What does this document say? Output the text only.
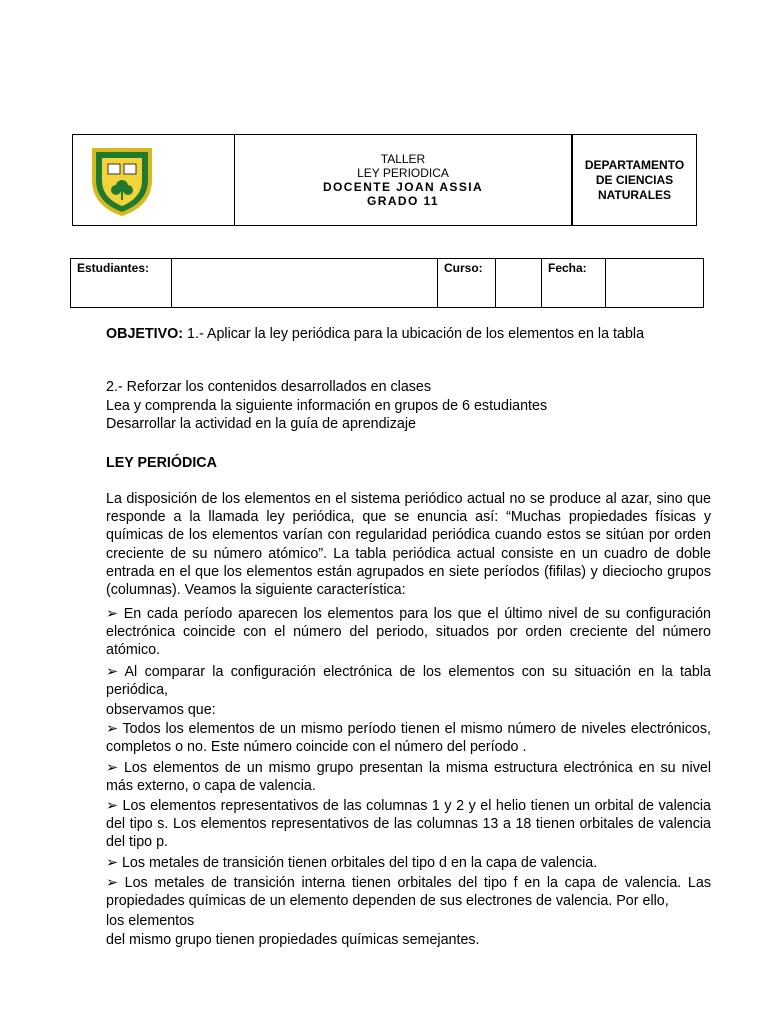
TALLER
LEY PERIODICA
DOCENTE JOAN ASSIA
GRADO 11
DEPARTAMENTO
DE CIENCIAS
NATURALES
Estudiantes:	Curso:	Fecha:
OBJETIVO: 1.- Aplicar la ley periódica para la ubicación de los elementos en la tabla
2.- Reforzar los contenidos desarrollados en clases
Lea y comprenda la siguiente información en grupos de 6 estudiantes
Desarrollar la actividad en la guía de aprendizaje
LEY PERIÓDICA
La disposición de los elementos en el sistema periódico actual no se produce al azar, sino que responde a la llamada ley periódica, que se enuncia así: “Muchas propiedades físicas y químicas de los elementos varían con regularidad periódica cuando estos se sitúan por orden creciente de su número atómico”. La tabla periódica actual consiste en un cuadro de doble entrada en el que los elementos están agrupados en siete períodos (fifilas) y dieciocho grupos (columnas). Veamos la siguiente característica:
➢ En cada período aparecen los elementos para los que el último nivel de su configuración electrónica coincide con el número del periodo, situados por orden creciente del número atómico.
➢ Al comparar la configuración electrónica de los elementos con su situación en la tabla periódica,
observamos que:
➢ Todos los elementos de un mismo período tienen el mismo número de niveles electrónicos, completos o no. Este número coincide con el número del período .
➢ Los elementos de un mismo grupo presentan la misma estructura electrónica en su nivel más externo, o capa de valencia.
➢ Los elementos representativos de las columnas 1 y 2 y el helio tienen un orbital de valencia del tipo s. Los elementos representativos de las columnas 13 a 18 tienen orbitales de valencia del tipo p.
➢ Los metales de transición tienen orbitales del tipo d en la capa de valencia.
➢ Los metales de transición interna tienen orbitales del tipo f en la capa de valencia. Las propiedades químicas de un elemento dependen de sus electrones de valencia. Por ello,
los elementos
del mismo grupo tienen propiedades químicas semejantes.
